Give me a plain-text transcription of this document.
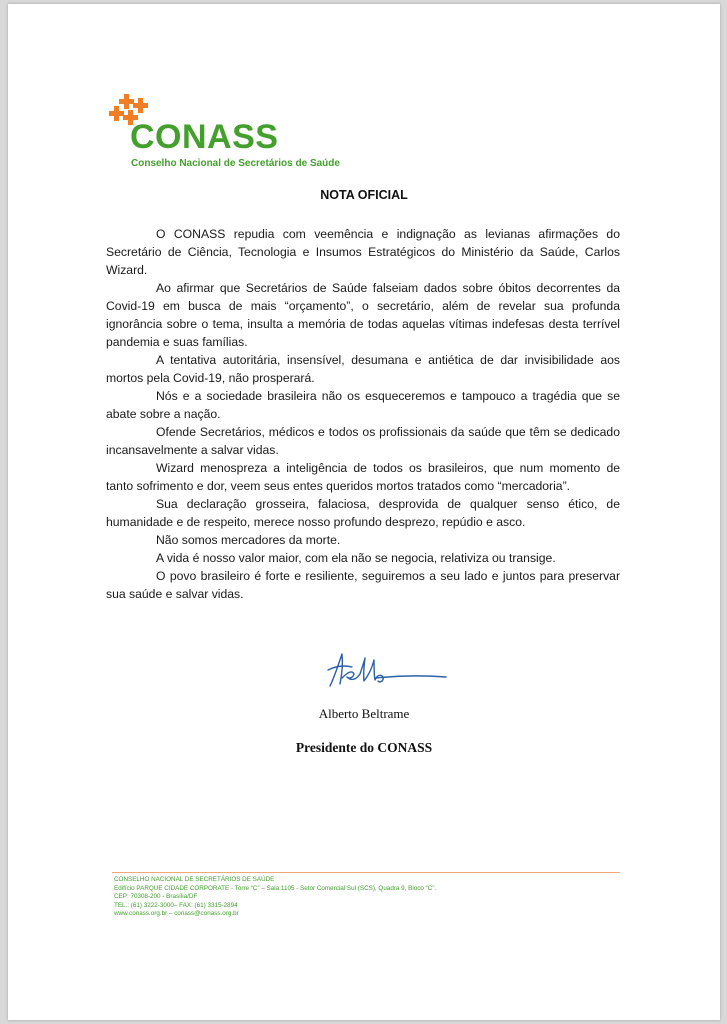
CONASS
Conselho Nacional de Secretários de Saúde
NOTA OFICIAL

O CONASS repudia com veemência e indignação as levianas afirmações do Secretário de Ciência, Tecnologia e Insumos Estratégicos do Ministério da Saúde, Carlos Wizard.

Ao afirmar que Secretários de Saúde falseiam dados sobre óbitos decorrentes da Covid-19 em busca de mais “orçamento”, o secretário, além de revelar sua profunda ignorância sobre o tema, insulta a memória de todas aquelas vítimas indefesas desta terrível pandemia e suas famílias.

A tentativa autoritária, insensível, desumana e antiética de dar invisibilidade aos mortos pela Covid-19, não prosperará.

Nós e a sociedade brasileira não os esqueceremos e tampouco a tragédia que se abate sobre a nação.

Ofende Secretários, médicos e todos os profissionais da saúde que têm se dedicado incansavelmente a salvar vidas.

Wizard menospreza a inteligência de todos os brasileiros, que num momento de tanto sofrimento e dor, veem seus entes queridos mortos tratados como “mercadoria”.

Sua declaração grosseira, falaciosa, desprovida de qualquer senso ético, de humanidade e de respeito, merece nosso profundo desprezo, repúdio e asco.

Não somos mercadores da morte.

A vida é nosso valor maior, com ela não se negocia, relativiza ou transige.

O povo brasileiro é forte e resiliente, seguiremos a seu lado e juntos para preservar sua saúde e salvar vidas.

Alberto Beltrame
Presidente do CONASS
CONSELHO NACIONAL DE SECRETÁRIOS DE SAÚDE
Edifício PARQUE CIDADE CORPORATE - Torre “C” – Sala 1105 - Setor Comercial Sul (SCS), Quadra 9, Bloco “C”.
CEP: 70308-200 - Brasília/DF
TEL.: (61) 3222-3000– FAX: (61) 3315-2894
www.conass.org.br – conass@conass.org.br
